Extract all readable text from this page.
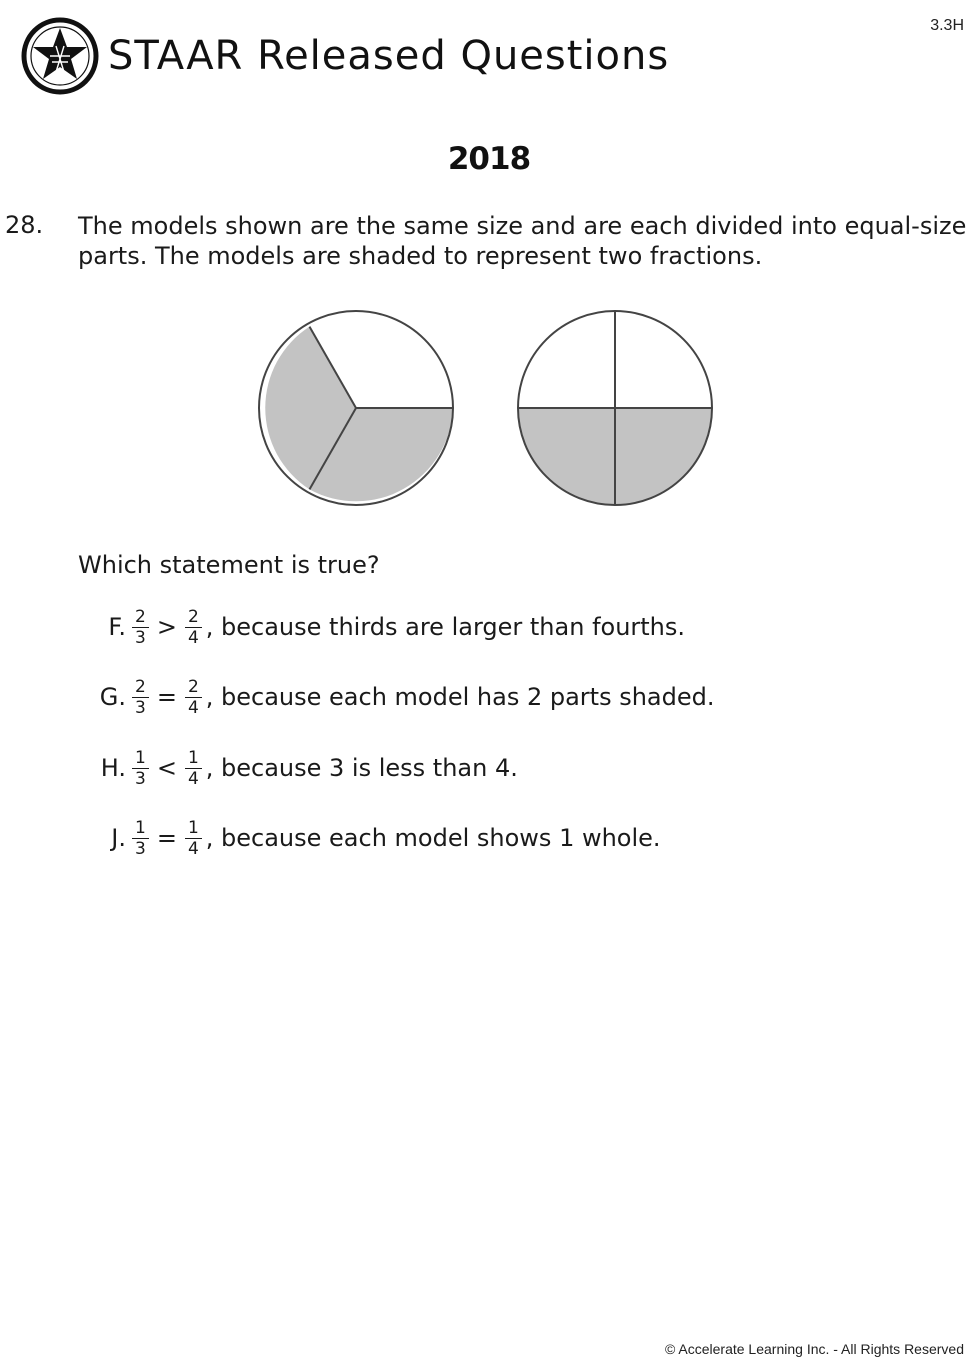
3.3H
STAAR Released Questions
2018
28. The models shown are the same size and are each divided into equal-size parts. The models are shaded to represent two fractions.

Which statement is true?
F. $\frac{2}{3} > \frac{2}{4}$ , because thirds are larger than fourths.
G. $\frac{2}{3} = \frac{2}{4}$ , because each model has 2 parts shaded.
H. $\frac{1}{3} < \frac{1}{4}$ , because 3 is less than 4.
J. $\frac{1}{3} = \frac{1}{4}$ , because each model shows 1 whole.
© Accelerate Learning Inc. - All Rights Reserved
